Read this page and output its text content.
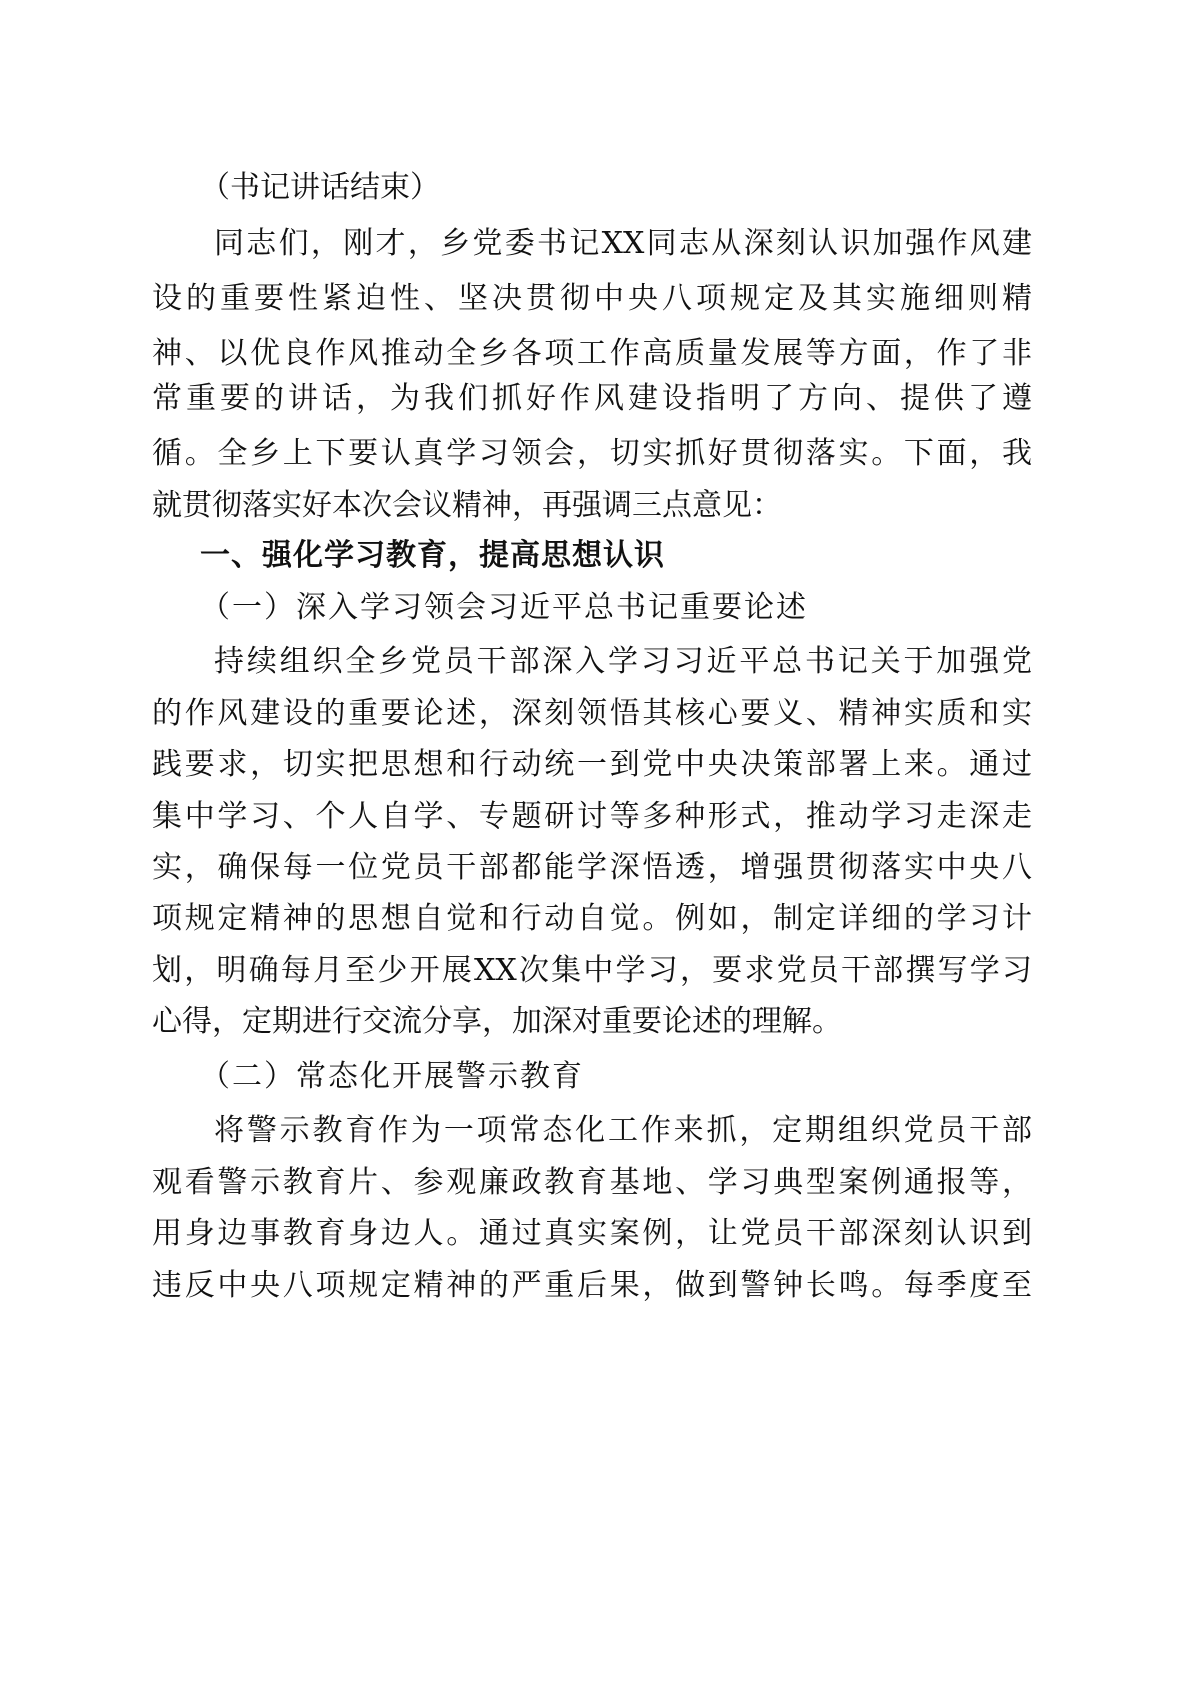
（书记讲话结束）
同志们，刚才，乡党委书记XX同志从深刻认识加强作风建
设的重要性紧迫性、坚决贯彻中央八项规定及其实施细则精
神、以优良作风推动全乡各项工作高质量发展等方面，作了非
常重要的讲话，为我们抓好作风建设指明了方向、提供了遵
循。全乡上下要认真学习领会，切实抓好贯彻落实。下面，我
就贯彻落实好本次会议精神，再强调三点意见：
一、强化学习教育，提高思想认识
（一）深入学习领会习近平总书记重要论述
持续组织全乡党员干部深入学习习近平总书记关于加强党
的作风建设的重要论述，深刻领悟其核心要义、精神实质和实
践要求，切实把思想和行动统一到党中央决策部署上来。通过
集中学习、个人自学、专题研讨等多种形式，推动学习走深走
实，确保每一位党员干部都能学深悟透，增强贯彻落实中央八
项规定精神的思想自觉和行动自觉。例如，制定详细的学习计
划，明确每月至少开展XX次集中学习，要求党员干部撰写学习
心得，定期进行交流分享，加深对重要论述的理解。
（二）常态化开展警示教育
将警示教育作为一项常态化工作来抓，定期组织党员干部
观看警示教育片、参观廉政教育基地、学习典型案例通报等，
用身边事教育身边人。通过真实案例，让党员干部深刻认识到
违反中央八项规定精神的严重后果，做到警钟长鸣。每季度至
